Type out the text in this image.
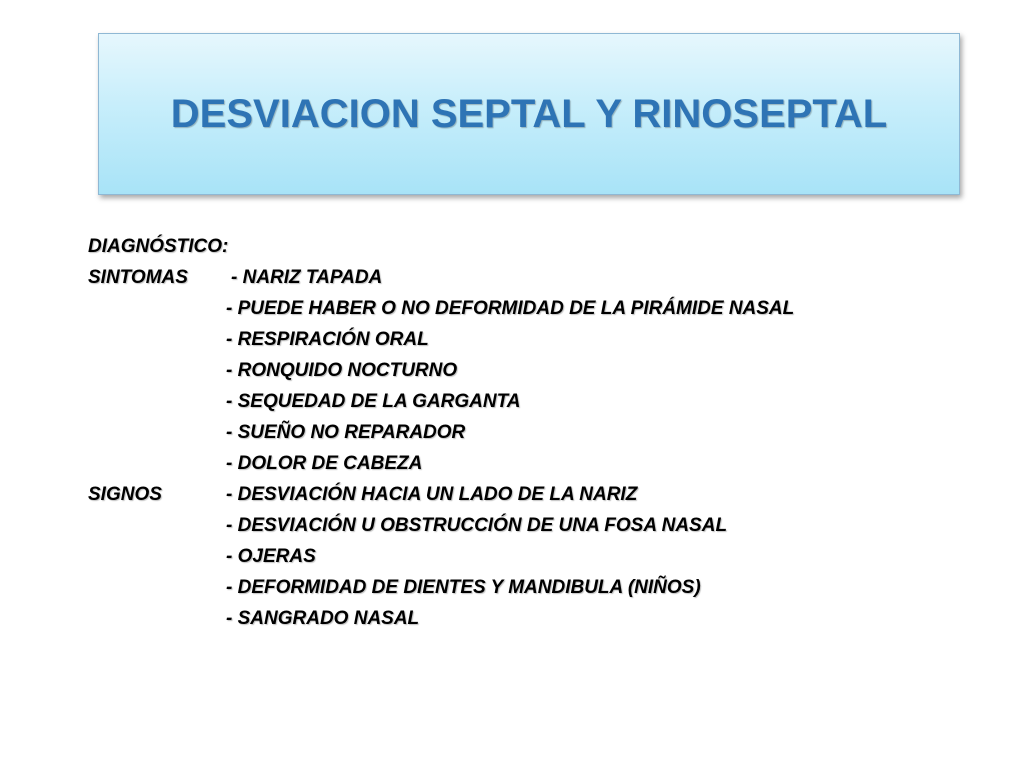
DESVIACION SEPTAL Y RINOSEPTAL
DIAGNÓSTICO:
SINTOMAS - NARIZ TAPADA
- PUEDE HABER O NO DEFORMIDAD DE LA PIRÁMIDE NASAL
- RESPIRACIÓN ORAL
- RONQUIDO NOCTURNO
- SEQUEDAD DE LA GARGANTA
- SUEÑO NO REPARADOR
- DOLOR DE CABEZA
SIGNOS	- DESVIACIÓN HACIA UN LADO DE LA NARIZ
- DESVIACIÓN U OBSTRUCCIÓN DE UNA FOSA NASAL
- OJERAS
- DEFORMIDAD DE DIENTES Y MANDIBULA (NIÑOS)
- SANGRADO NASAL
